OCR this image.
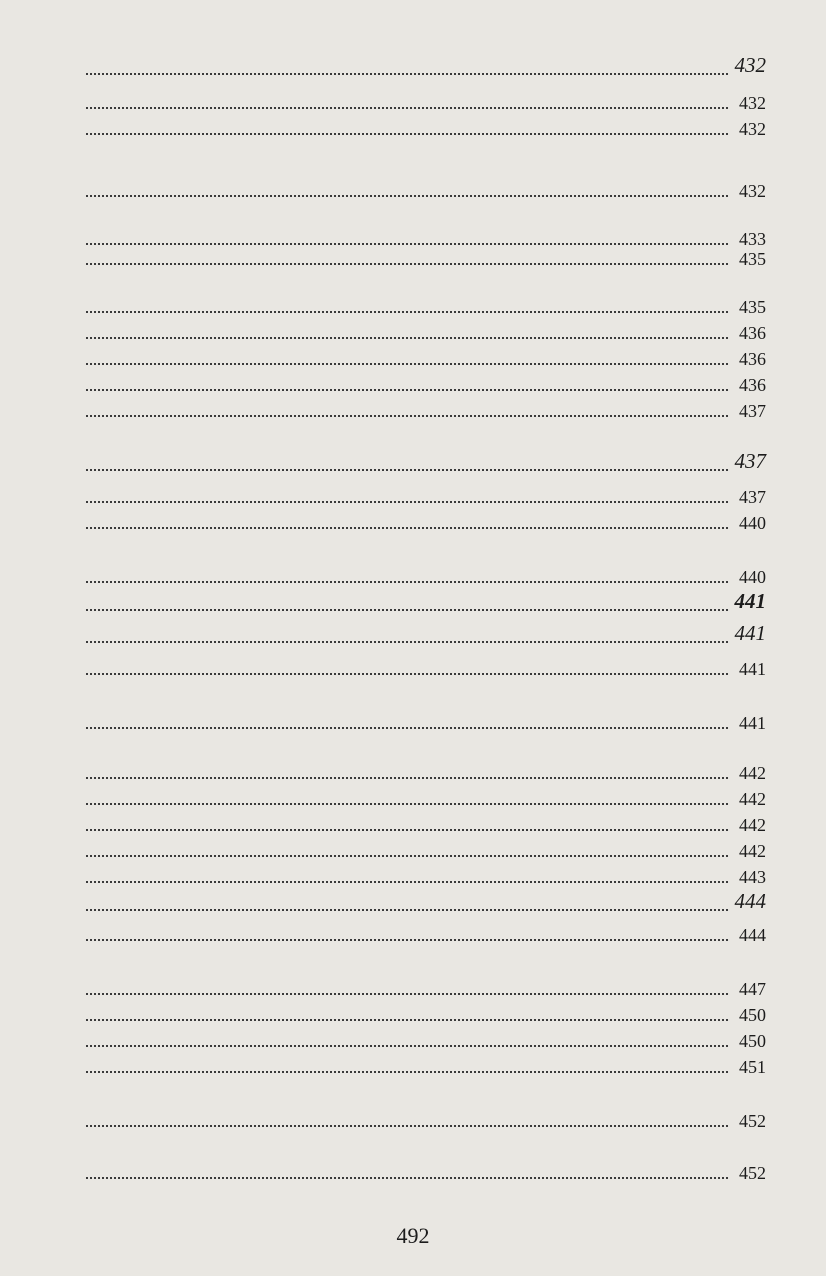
432
432
432
432
433
435
435
436
436
436
437
437
437
440
440
441
441
441
441
442
442
442
442
443
444
444
447
450
450
451
452
452
492
